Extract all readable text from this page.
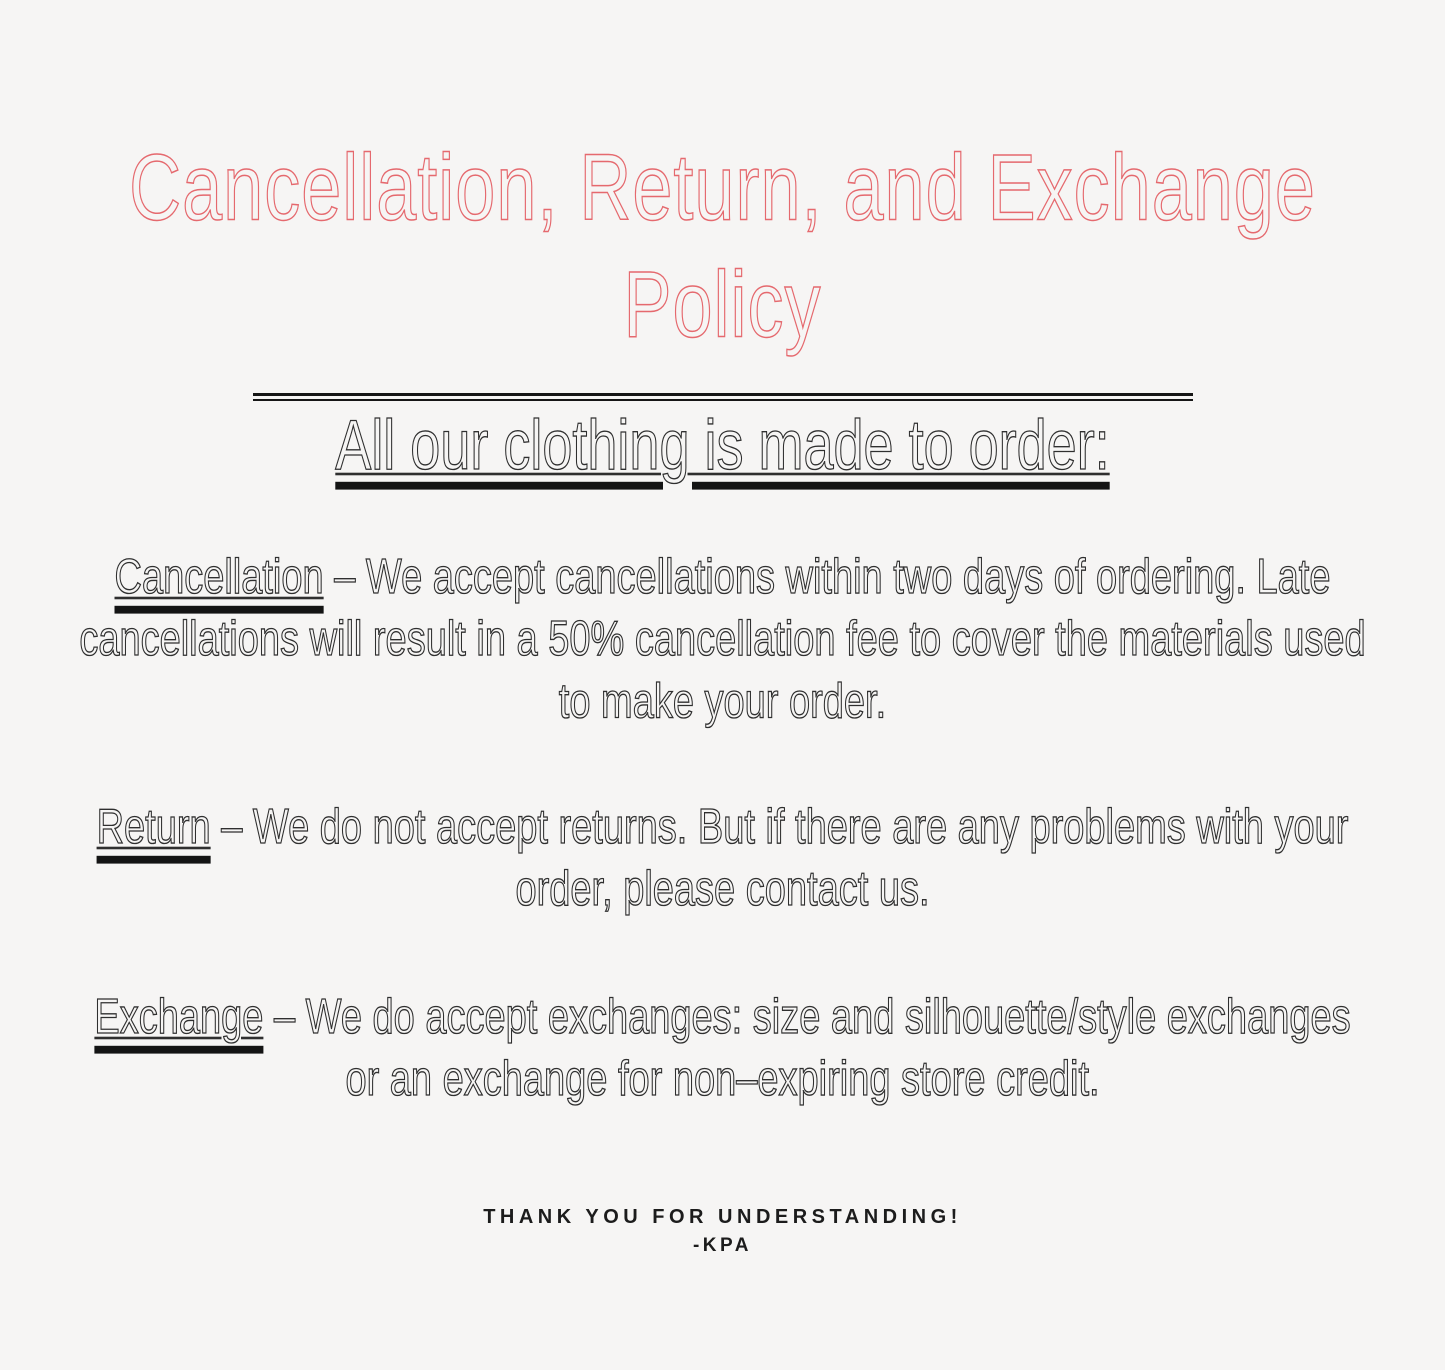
Cancellation, Return, and Exchange
Policy
All our clothing is made to order:

Cancellation – We accept cancellations within two days of ordering. Late cancellations will result in a 50% cancellation fee to cover the materials used to make your order.

Return – We do not accept returns. But if there are any problems with your order, please contact us.

Exchange – We do accept exchanges: size and silhouette/style exchanges or an exchange for non–expiring store credit.

THANK YOU FOR UNDERSTANDING!
-KPA
